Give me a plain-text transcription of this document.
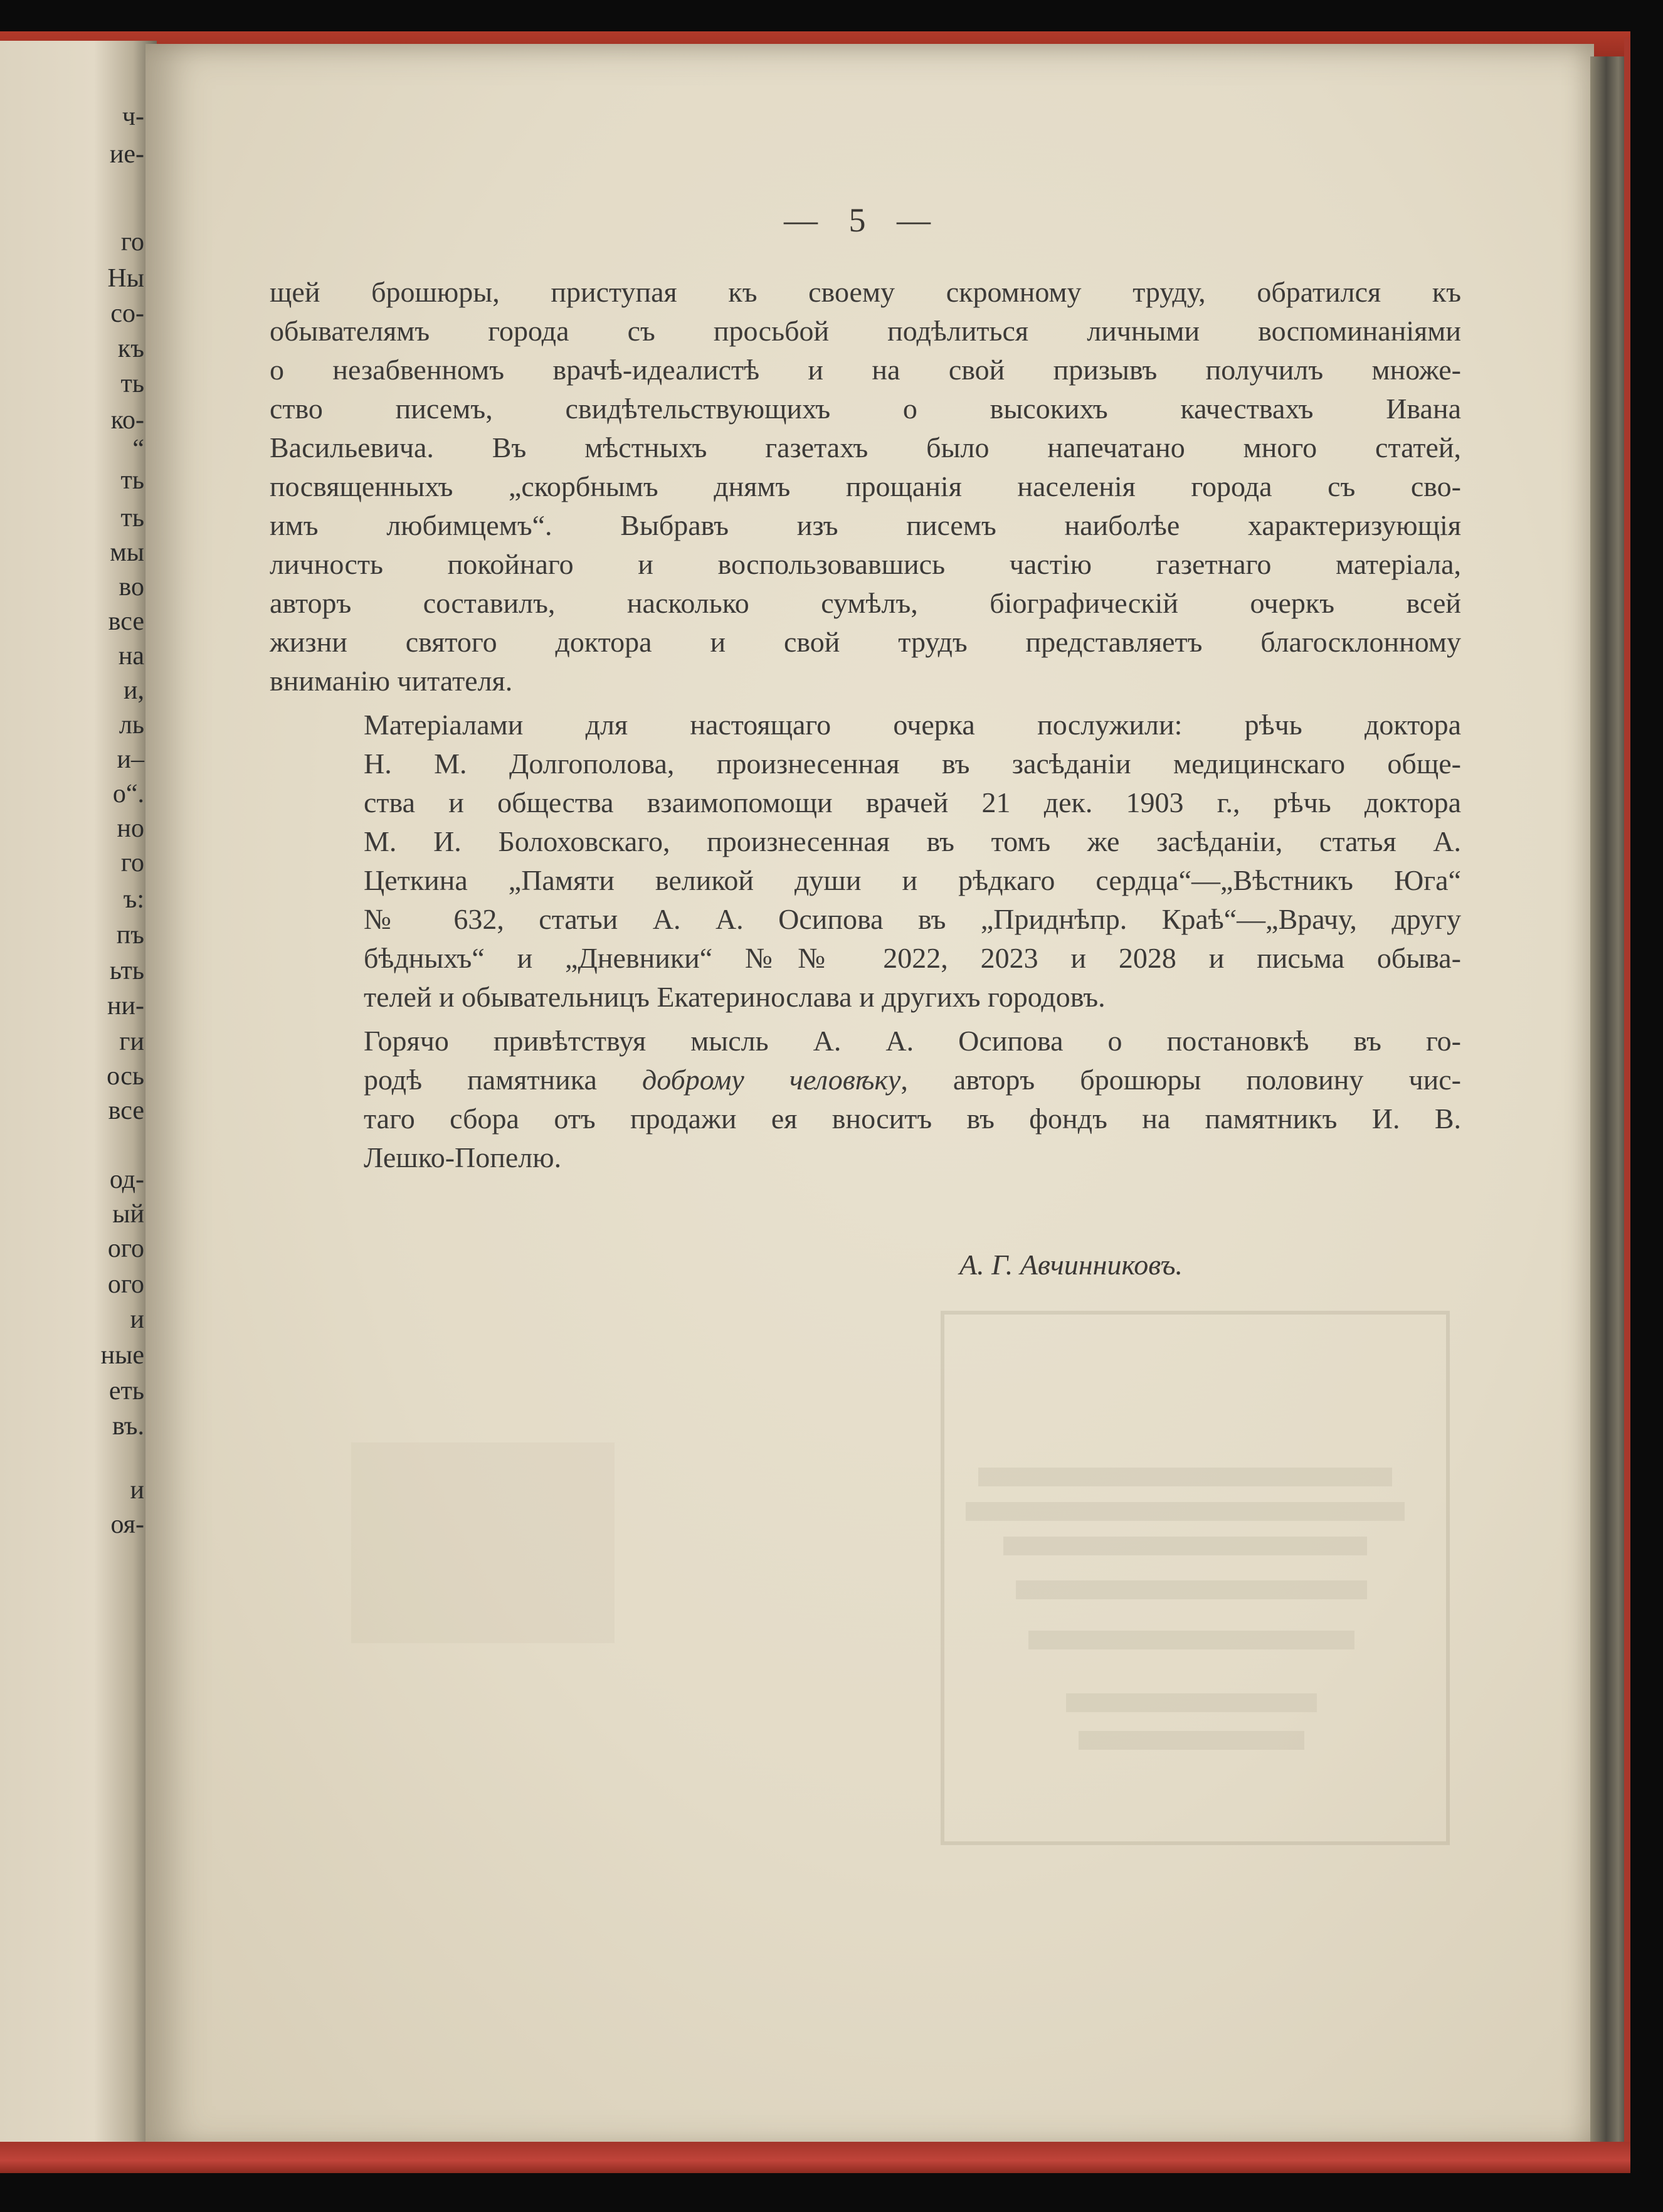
ч-
ие-
го
Ны
со-
къ
ть
ко-
“
ть
ть
мы
во
все
на
и,
ль
и–
о“.
но
го
ъ:
пъ
ьть
ни-
ги
ось
все
од-
ый
ого
ого
и
ные
еть
въ.
и
оя-
— 5 —
щей брошюры, приступая къ своему скромному труду, обратился къ
обывателямъ города съ просьбой подѣлиться личными воспоминаніями
о незабвенномъ врачѣ-идеалистѣ и на свой призывъ получилъ множе-
ство писемъ, свидѣтельствующихъ о высокихъ качествахъ Ивана
Васильевича. Въ мѣстныхъ газетахъ было напечатано много статей,
посвященныхъ „скорбнымъ днямъ прощанія населенія города съ сво-
имъ любимцемъ“. Выбравъ изъ писемъ наиболѣе характеризующія
личность покойнаго и воспользовавшись частію газетнаго матеріала,
авторъ составилъ, насколько сумѣлъ, біографическій очеркъ всей
жизни святого доктора и свой трудъ представляетъ благосклонному
вниманію читателя.
Матеріалами для настоящаго очерка послужили: рѣчь доктора
Н. М. Долгополова, произнесенная въ засѣданіи медицинскаго обще-
ства и общества взаимопомощи врачей 21 дек. 1903 г., рѣчь доктора
М. И. Болоховскаго, произнесенная въ томъ же засѣданіи, статья А.
Цеткина „Памяти великой души и рѣдкаго сердца“—„Вѣстникъ Юга“
№ 632, статьи А. А. Осипова въ „Приднѣпр. Краѣ“—„Врачу, другу
бѣдныхъ“ и „Дневники“ №№ 2022, 2023 и 2028 и письма обыва-
телей и обывательницъ Екатеринослава и другихъ городовъ.
Горячо привѣтствуя мысль А. А. Осипова о постановкѣ въ го-
родѣ памятника доброму человѣку, авторъ брошюры половину чис-
таго сбора отъ продажи ея вноситъ въ фондъ на памятникъ И. В.
Лешко-Попелю.
А. Г. Авчинниковъ.
